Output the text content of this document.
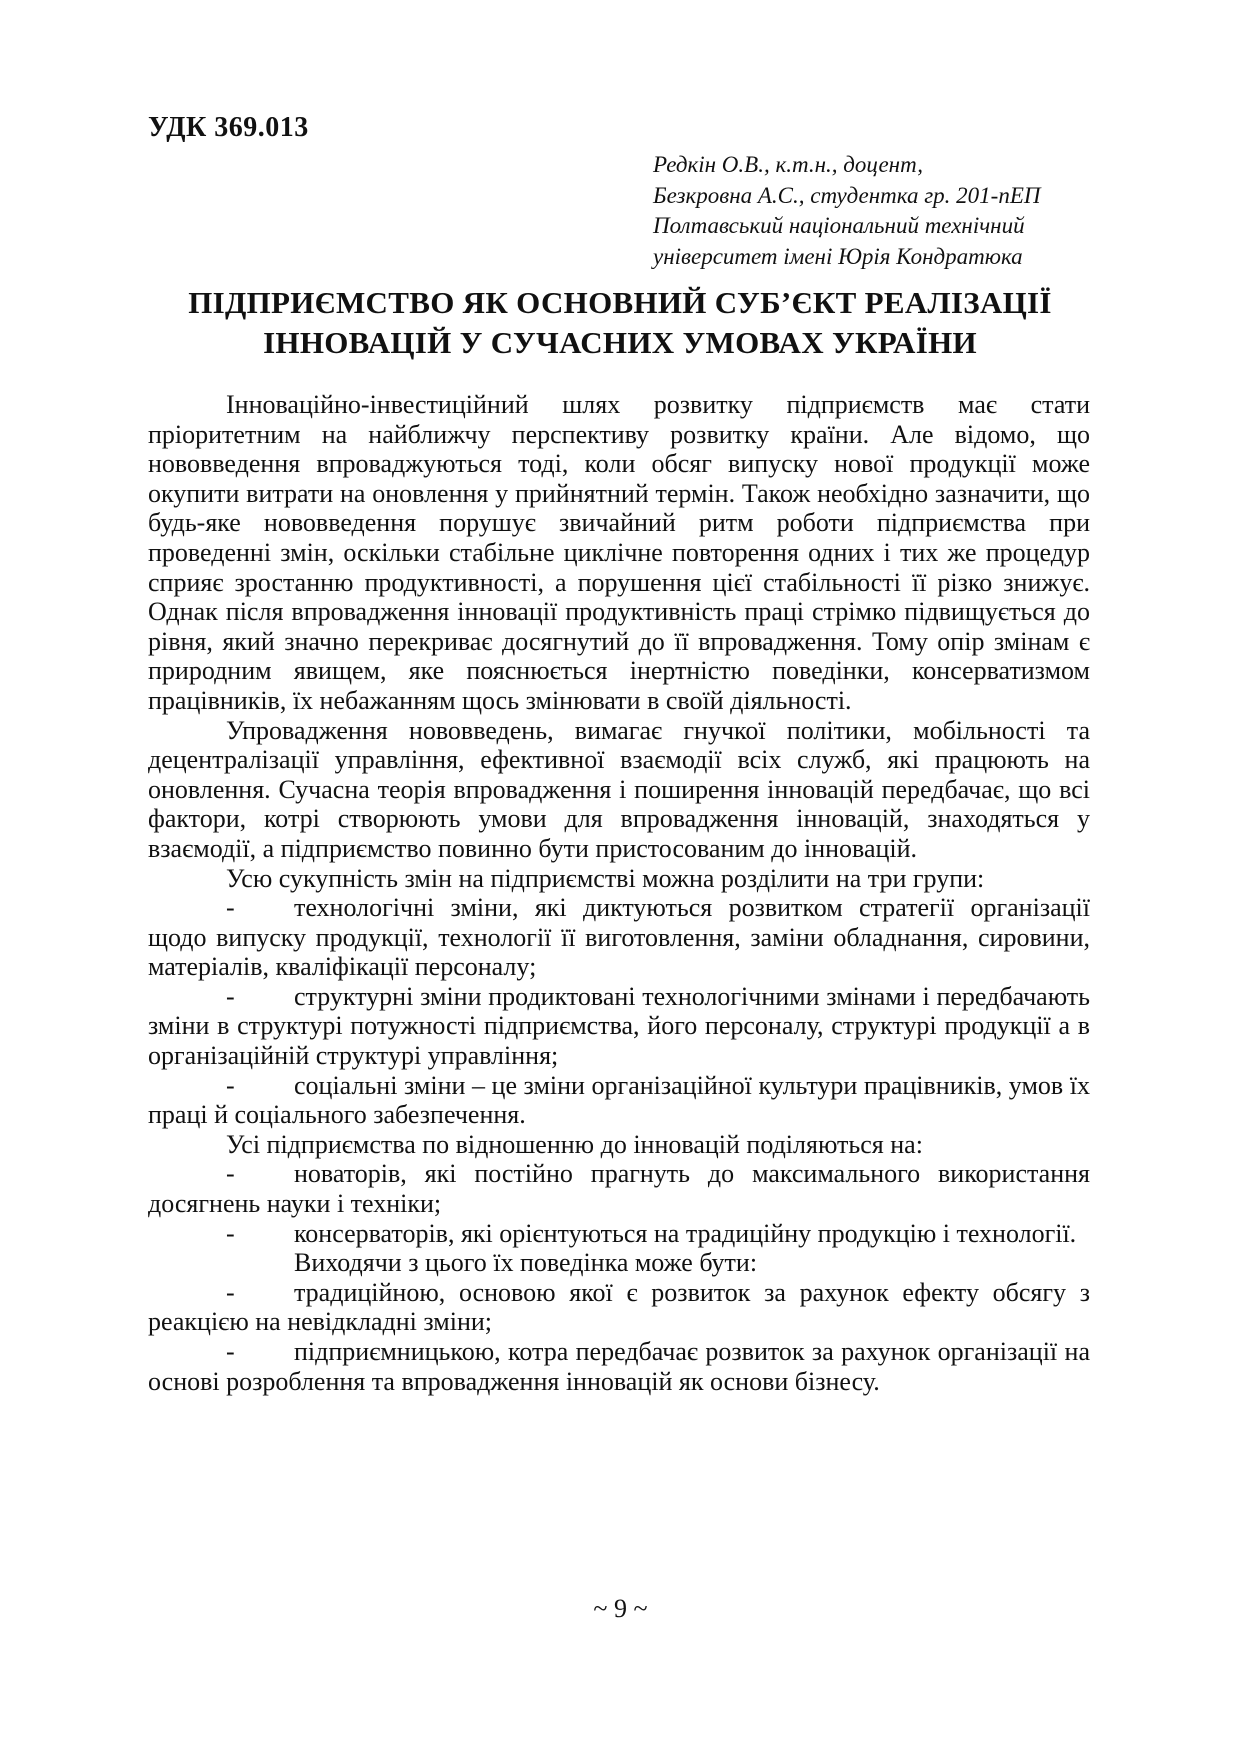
УДК 369.013
Редкін О.В., к.т.н., доцент,
Безкровна А.С., студентка гр. 201-пЕП
Полтавський національний технічний
університет імені Юрія Кондратюка
ПІДПРИЄМСТВО ЯК ОСНОВНИЙ СУБ’ЄКТ РЕАЛІЗАЦІЇ
ІННОВАЦІЙ У СУЧАСНИХ УМОВАХ УКРАЇНИ

Інноваційно-інвестиційний шлях розвитку підприємств має стати пріоритетним на найближчу перспективу розвитку країни. Але відомо, що нововведення впроваджуються тоді, коли обсяг випуску нової продукції може окупити витрати на оновлення у прийнятний термін. Також необхідно зазначити, що будь-яке нововведення порушує звичайний ритм роботи підприємства при проведенні змін, оскільки стабільне циклічне повторення одних і тих же процедур сприяє зростанню продуктивності, а порушення цієї стабільності її різко знижує. Однак після впровадження інновації продуктивність праці стрімко підвищується до рівня, який значно перекриває досягнутий до її впровадження. Тому опір змінам є природним явищем, яке пояснюється інертністю поведінки, консерватизмом працівників, їх небажанням щось змінювати в своїй діяльності.

Упровадження нововведень, вимагає гнучкої політики, мобільності та децентралізації управління, ефективної взаємодії всіх служб, які працюють на оновлення. Сучасна теорія впровадження і поширення інновацій передбачає, що всі фактори, котрі створюють умови для впровадження інновацій, знаходяться у взаємодії, а підприємство повинно бути пристосованим до інновацій.

Усю сукупність змін на підприємстві можна розділити на три групи:

- технологічні зміни, які диктуються розвитком стратегії організації щодо випуску продукції, технології її виготовлення, заміни обладнання, сировини, матеріалів, кваліфікації персоналу;

- структурні зміни продиктовані технологічними змінами і передбачають зміни в структурі потужності підприємства, його персоналу, структурі продукції а в організаційній структурі управління;

- соціальні зміни – це зміни організаційної культури працівників, умов їх праці й соціального забезпечення.

Усі підприємства по відношенню до інновацій поділяються на:

- новаторів, які постійно прагнуть до максимального використання досягнень науки і техніки;

- консерваторів, які орієнтуються на традиційну продукцію і технології.

Виходячи з цього їх поведінка може бути:

- традиційною, основою якої є розвиток за рахунок ефекту обсягу з реакцією на невідкладні зміни;

- підприємницькою, котра передбачає розвиток за рахунок організації на основі розроблення та впровадження інновацій як основи бізнесу.

~ 9 ~
